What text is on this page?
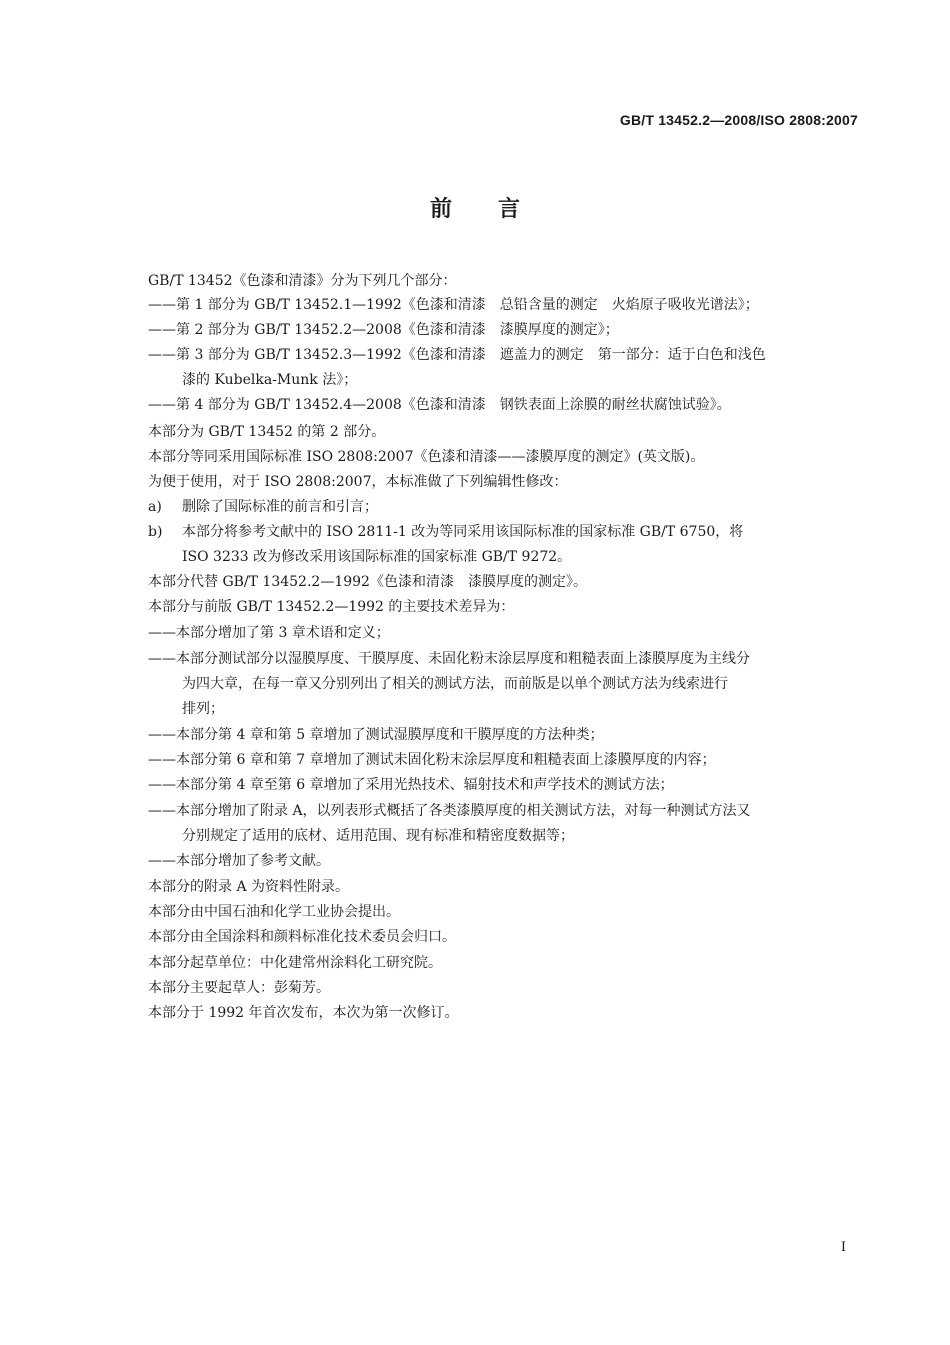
GB/T 13452.2—2008/ISO 2808:2007
前言
GB/T 13452《色漆和清漆》分为下列几个部分：
——第 1 部分为 GB/T 13452.1—1992《色漆和清漆　总铅含量的测定　火焰原子吸收光谱法》；
——第 2 部分为 GB/T 13452.2—2008《色漆和清漆　漆膜厚度的测定》；
——第 3 部分为 GB/T 13452.3—1992《色漆和清漆　遮盖力的测定　第一部分：适于白色和浅色
漆的 Kubelka-Munk 法》；
——第 4 部分为 GB/T 13452.4—2008《色漆和清漆　钢铁表面上涂膜的耐丝状腐蚀试验》。
本部分为 GB/T 13452 的第 2 部分。
本部分等同采用国际标准 ISO 2808:2007《色漆和清漆——漆膜厚度的测定》(英文版)。
为便于使用，对于 ISO 2808:2007，本标准做了下列编辑性修改：
a) 删除了国际标准的前言和引言；
b) 本部分将参考文献中的 ISO 2811-1 改为等同采用该国际标准的国家标准 GB/T 6750，将
ISO 3233 改为修改采用该国际标准的国家标准 GB/T 9272。
本部分代替 GB/T 13452.2—1992《色漆和清漆　漆膜厚度的测定》。
本部分与前版 GB/T 13452.2—1992 的主要技术差异为：
——本部分增加了第 3 章术语和定义；
——本部分测试部分以湿膜厚度、干膜厚度、未固化粉末涂层厚度和粗糙表面上漆膜厚度为主线分
为四大章，在每一章又分别列出了相关的测试方法，而前版是以单个测试方法为线索进行
排列；
——本部分第 4 章和第 5 章增加了测试湿膜厚度和干膜厚度的方法种类；
——本部分第 6 章和第 7 章增加了测试未固化粉末涂层厚度和粗糙表面上漆膜厚度的内容；
——本部分第 4 章至第 6 章增加了采用光热技术、辐射技术和声学技术的测试方法；
——本部分增加了附录 A，以列表形式概括了各类漆膜厚度的相关测试方法，对每一种测试方法又
分别规定了适用的底材、适用范围、现有标准和精密度数据等；
——本部分增加了参考文献。
本部分的附录 A 为资料性附录。
本部分由中国石油和化学工业协会提出。
本部分由全国涂料和颜料标准化技术委员会归口。
本部分起草单位：中化建常州涂料化工研究院。
本部分主要起草人：彭菊芳。
本部分于 1992 年首次发布，本次为第一次修订。
I
